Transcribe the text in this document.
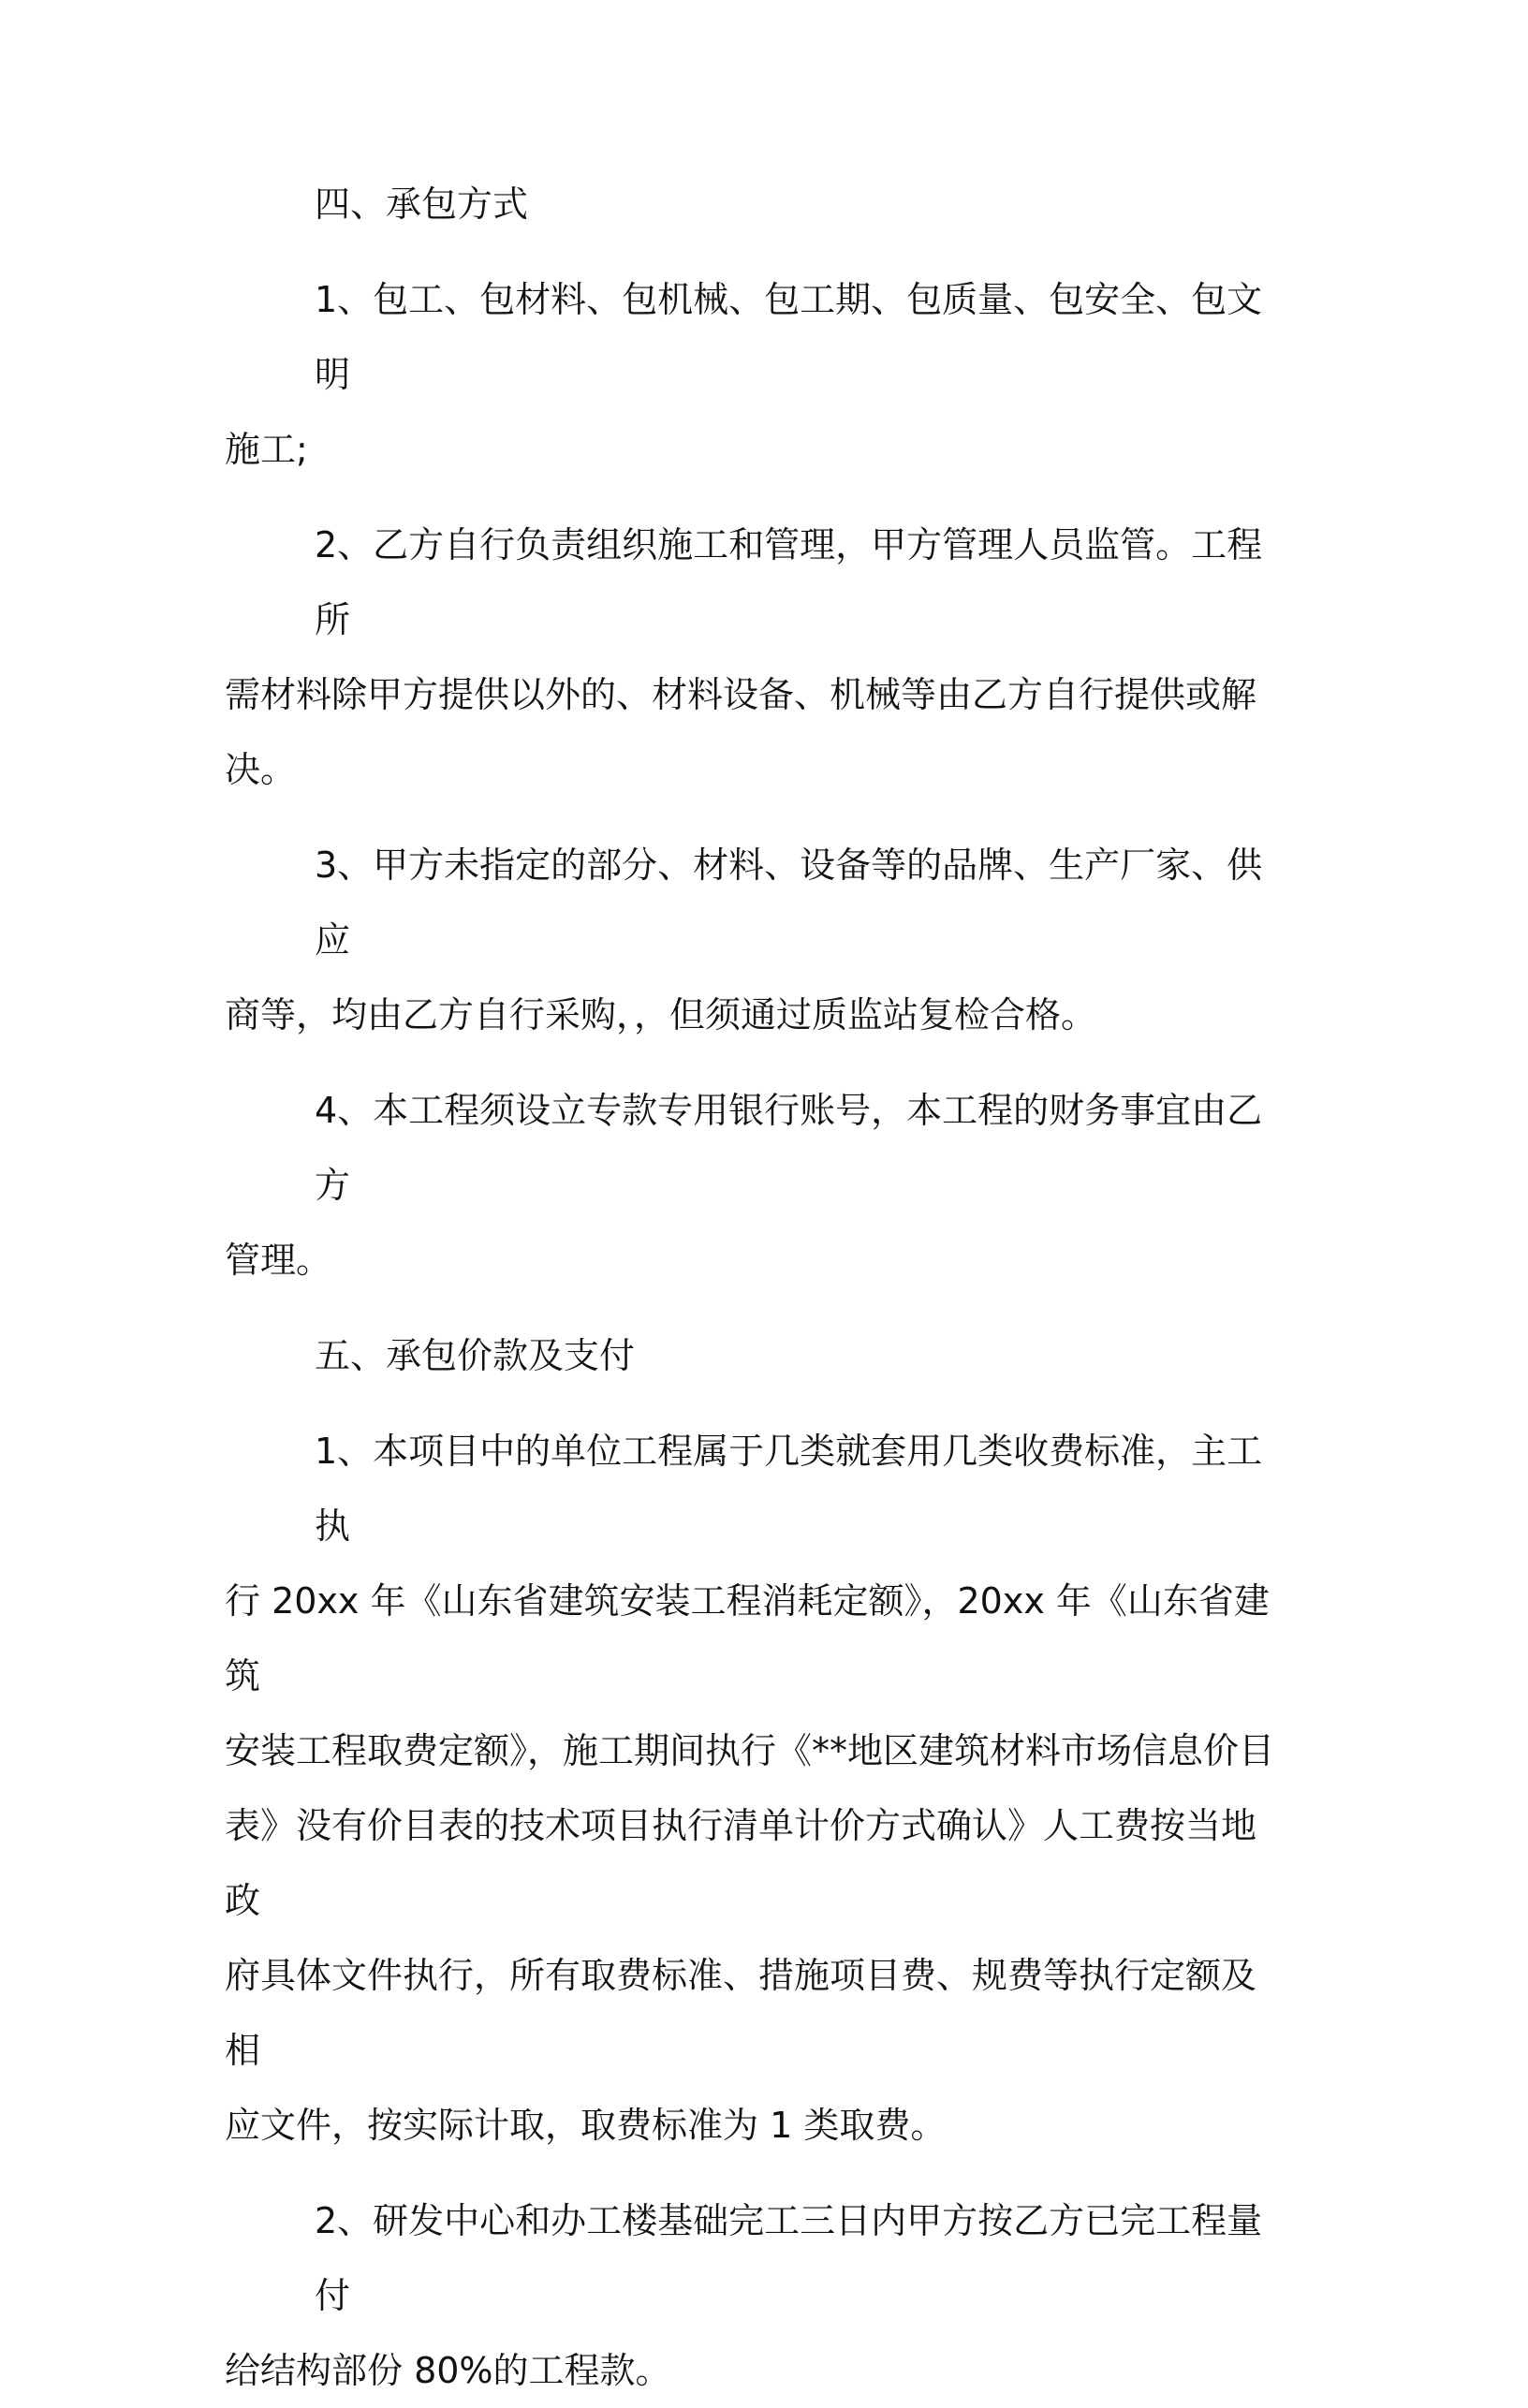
四、承包方式
1、包工、包材料、包机械、包工期、包质量、包安全、包文明
施工;
2、乙方自行负责组织施工和管理，甲方管理人员监管。工程所
需材料除甲方提供以外的、材料设备、机械等由乙方自行提供或解决。
3、甲方未指定的部分、材料、设备等的品牌、生产厂家、供应
商等，均由乙方自行采购，，但须通过质监站复检合格。
4、本工程须设立专款专用银行账号，本工程的财务事宜由乙方
管理。
五、承包价款及支付
1、本项目中的单位工程属于几类就套用几类收费标准，主工执
行 20xx 年《山东省建筑安装工程消耗定额》，20xx 年《山东省建筑
安装工程取费定额》，施工期间执行《**地区建筑材料市场信息价目
表》没有价目表的技术项目执行清单计价方式确认》人工费按当地政
府具体文件执行，所有取费标准、措施项目费、规费等执行定额及相
应文件，按实际计取，取费标准为 1 类取费。
2、研发中心和办工楼基础完工三日内甲方按乙方已完工程量付
给结构部份 80%的工程款。
